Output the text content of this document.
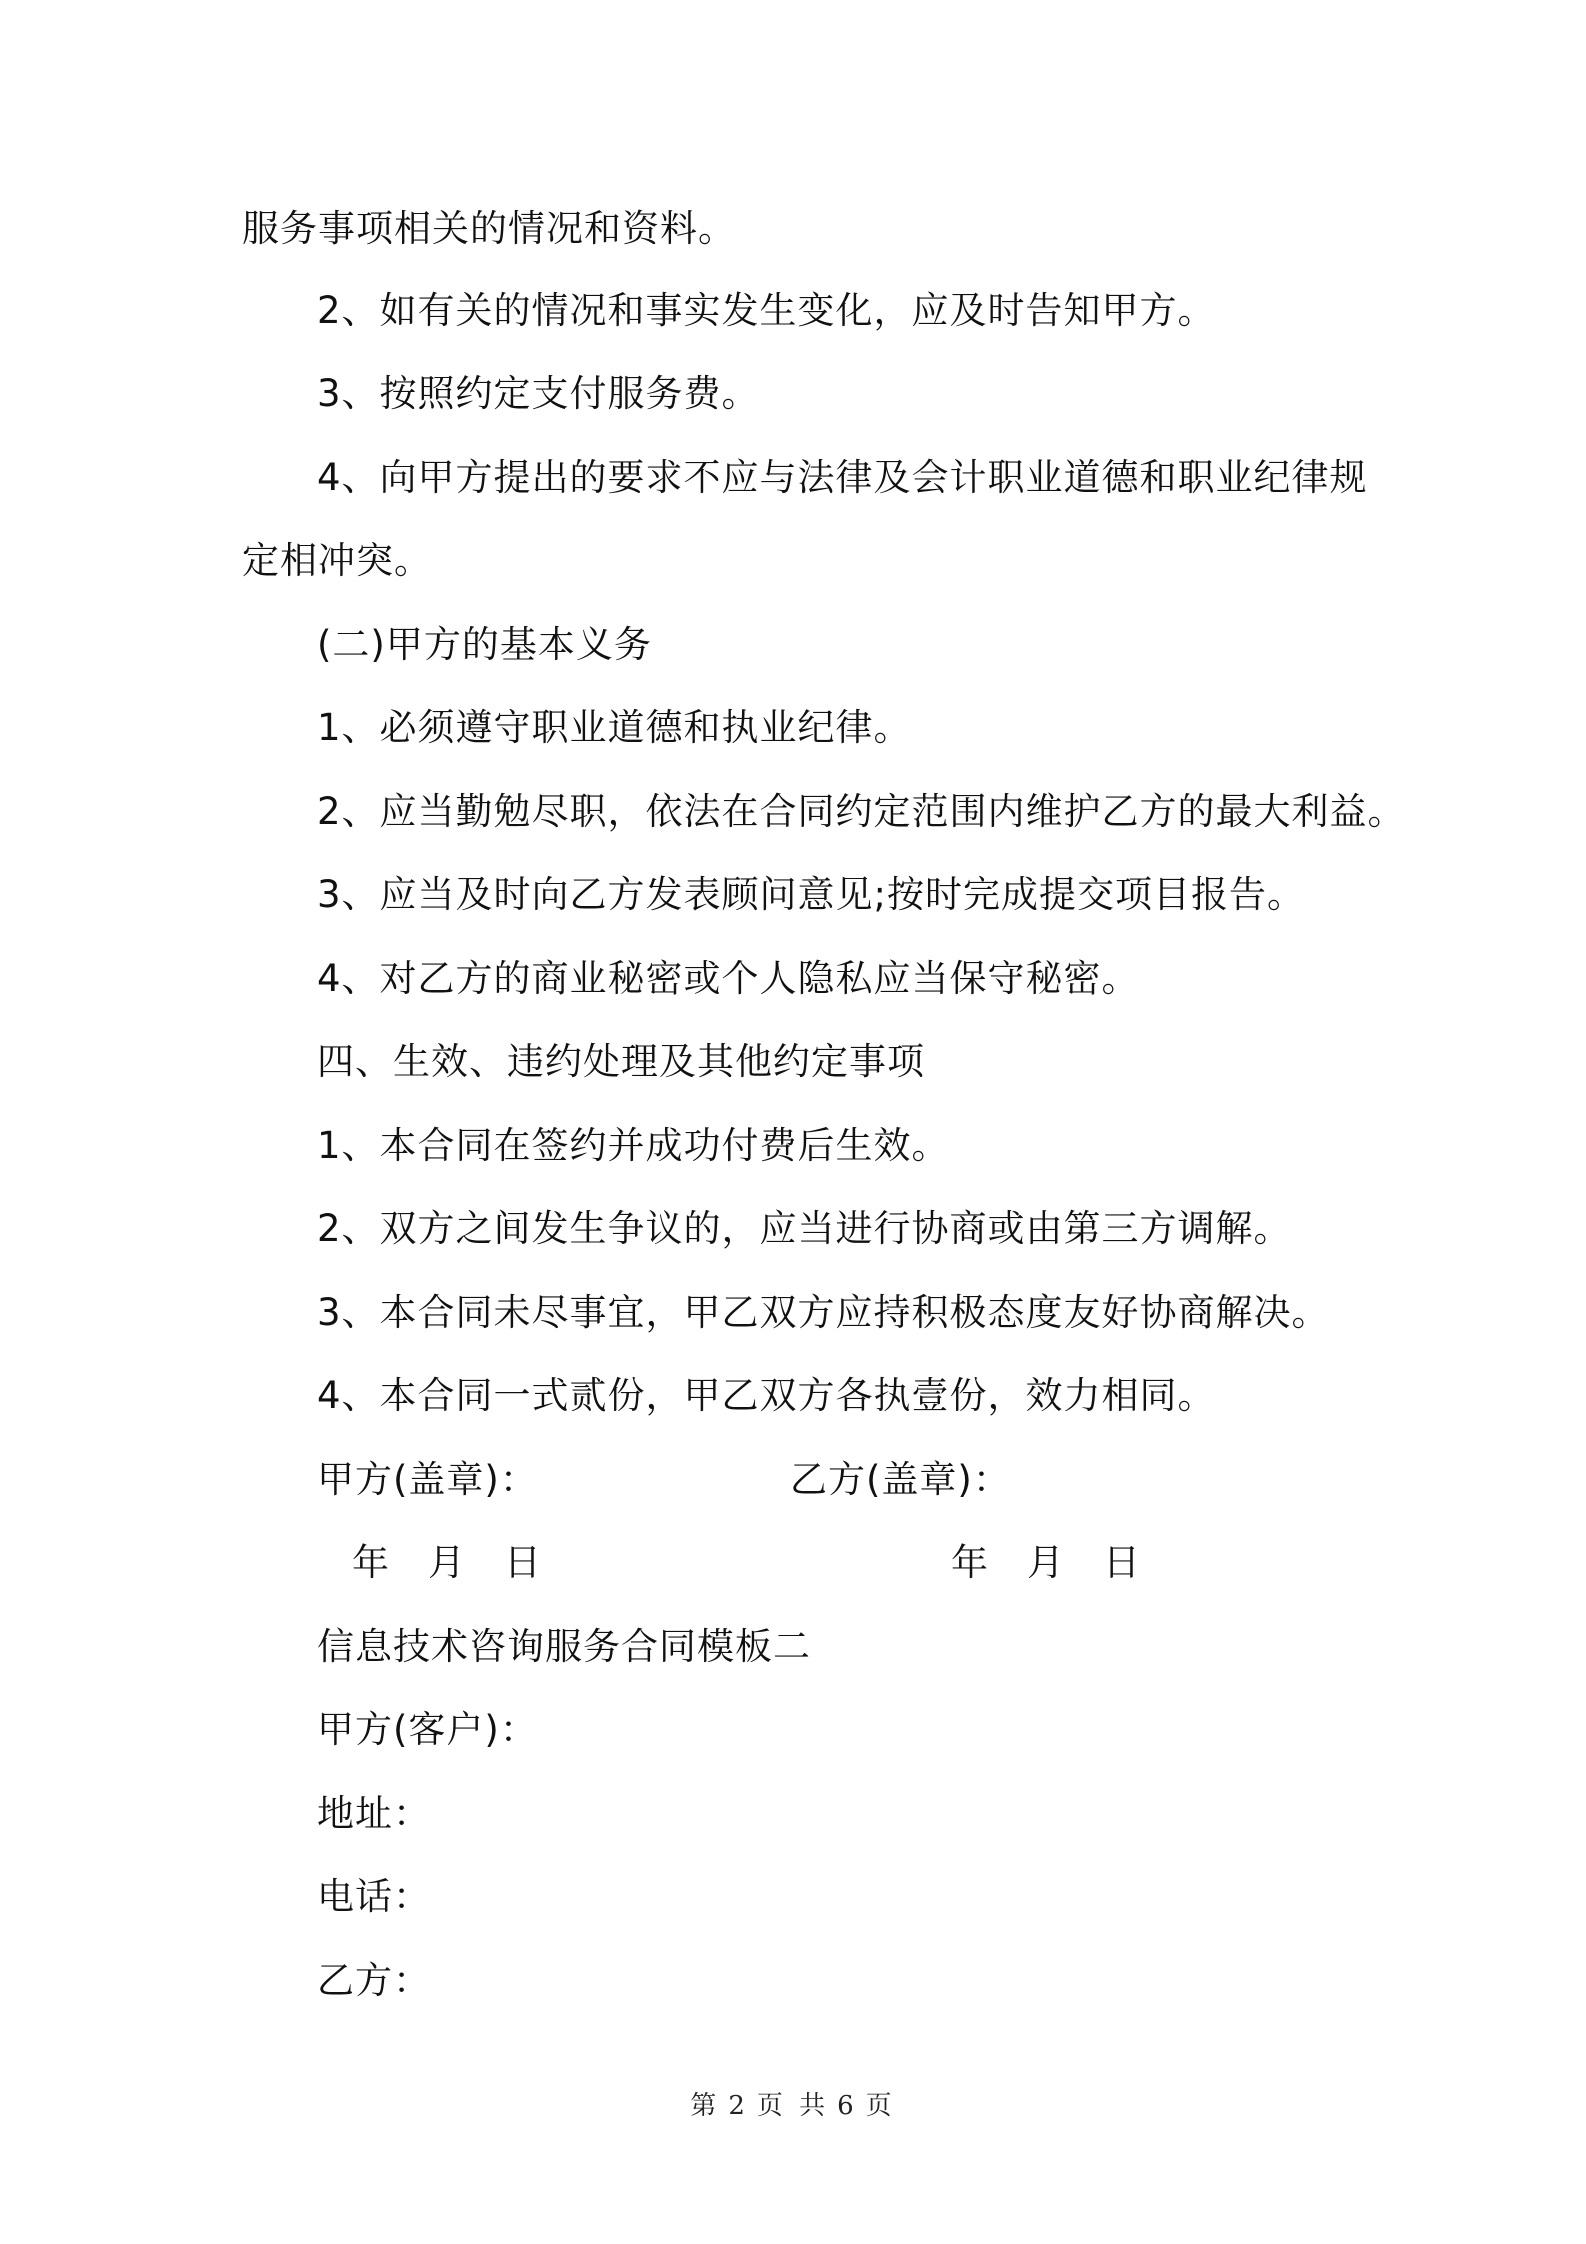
服务事项相关的情况和资料。
2、如有关的情况和事实发生变化，应及时告知甲方。
3、按照约定支付服务费。
4、向甲方提出的要求不应与法律及会计职业道德和职业纪律规
定相冲突。
(二)甲方的基本义务
1、必须遵守职业道德和执业纪律。
2、应当勤勉尽职，依法在合同约定范围内维护乙方的最大利益。
3、应当及时向乙方发表顾问意见;按时完成提交项目报告。
4、对乙方的商业秘密或个人隐私应当保守秘密。
四、生效、违约处理及其他约定事项
1、本合同在签约并成功付费后生效。
2、双方之间发生争议的，应当进行协商或由第三方调解。
3、本合同未尽事宜，甲乙双方应持积极态度友好协商解决。
4、本合同一式贰份，甲乙双方各执壹份，效力相同。
甲方(盖章)：	乙方(盖章)：
年 月 日	年 月 日
信息技术咨询服务合同模板二
甲方(客户)：
地址：
电话：
乙方：
第 2 页 共 6 页
